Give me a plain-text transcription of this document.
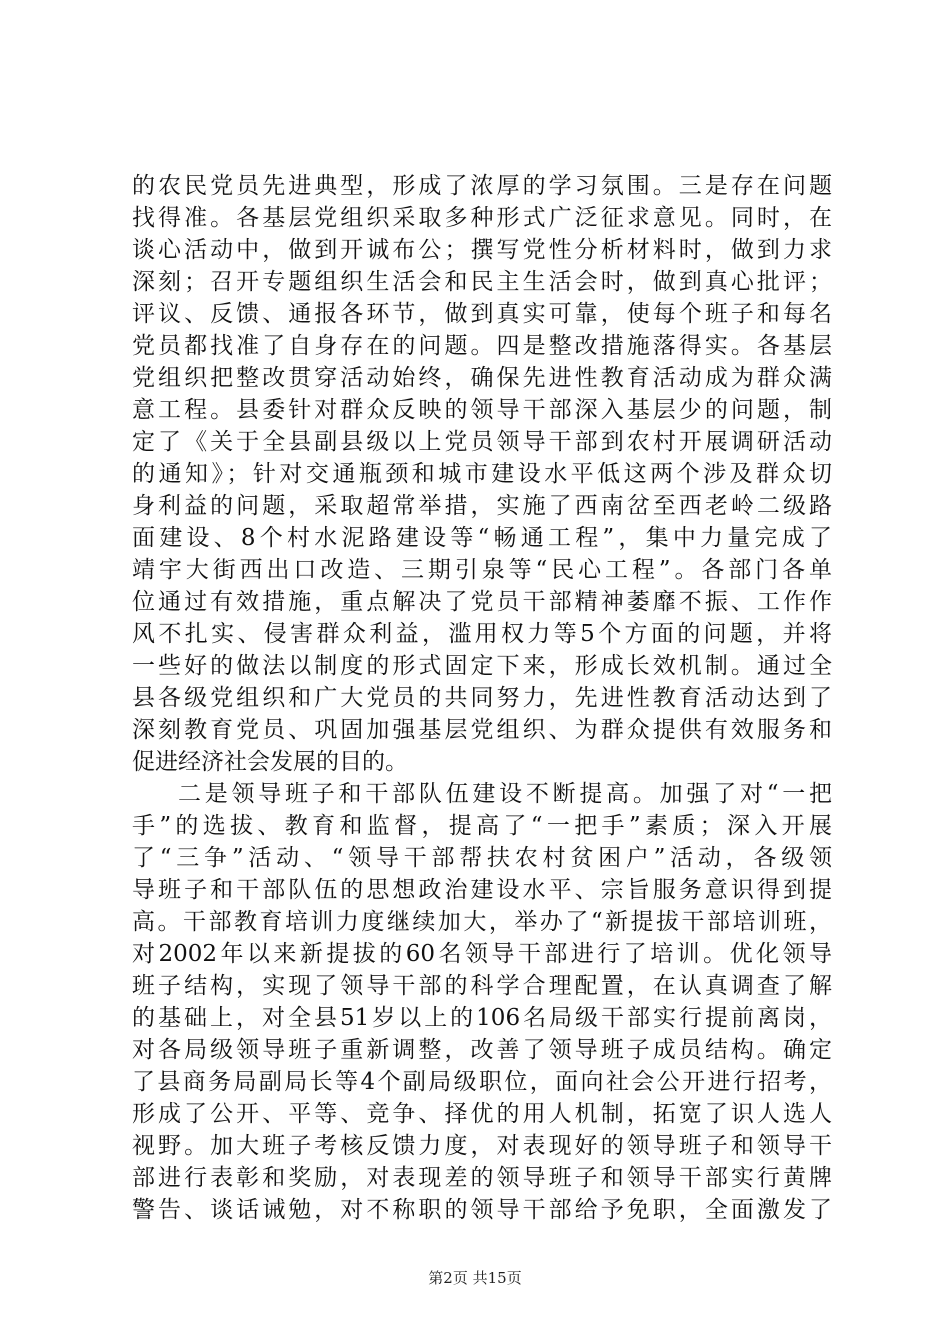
的农民党员先进典型，形成了浓厚的学习氛围。三是存在问题
找得准。各基层党组织采取多种形式广泛征求意见。同时，在
谈心活动中，做到开诚布公；撰写党性分析材料时，做到力求
深刻；召开专题组织生活会和民主生活会时，做到真心批评；
评议、反馈、通报各环节，做到真实可靠，使每个班子和每名
党员都找准了自身存在的问题。四是整改措施落得实。各基层
党组织把整改贯穿活动始终，确保先进性教育活动成为群众满
意工程。县委针对群众反映的领导干部深入基层少的问题，制
定了《关于全县副县级以上党员领导干部到农村开展调研活动
的通知》；针对交通瓶颈和城市建设水平低这两个涉及群众切
身利益的问题，采取超常举措，实施了西南岔至西老岭二级路
面建设、8个村水泥路建设等“畅通工程”，集中力量完成了
靖宇大街西出口改造、三期引泉等“民心工程”。各部门各单
位通过有效措施，重点解决了党员干部精神萎靡不振、工作作
风不扎实、侵害群众利益，滥用权力等5个方面的问题，并将
一些好的做法以制度的形式固定下来，形成长效机制。通过全
县各级党组织和广大党员的共同努力，先进性教育活动达到了
深刻教育党员、巩固加强基层党组织、为群众提供有效服务和
促进经济社会发展的目的。
二是领导班子和干部队伍建设不断提高。加强了对“一把
手”的选拔、教育和监督，提高了“一把手”素质；深入开展
了“三争”活动、“领导干部帮扶农村贫困户”活动，各级领
导班子和干部队伍的思想政治建设水平、宗旨服务意识得到提
高。干部教育培训力度继续加大，举办了“新提拔干部培训班，
对2002年以来新提拔的60名领导干部进行了培训。优化领导
班子结构，实现了领导干部的科学合理配置，在认真调查了解
的基础上，对全县51岁以上的106名局级干部实行提前离岗，
对各局级领导班子重新调整，改善了领导班子成员结构。确定
了县商务局副局长等4个副局级职位，面向社会公开进行招考，
形成了公开、平等、竞争、择优的用人机制，拓宽了识人选人
视野。加大班子考核反馈力度，对表现好的领导班子和领导干
部进行表彰和奖励，对表现差的领导班子和领导干部实行黄牌
警告、谈话诫勉，对不称职的领导干部给予免职，全面激发了
第2页 共15页
